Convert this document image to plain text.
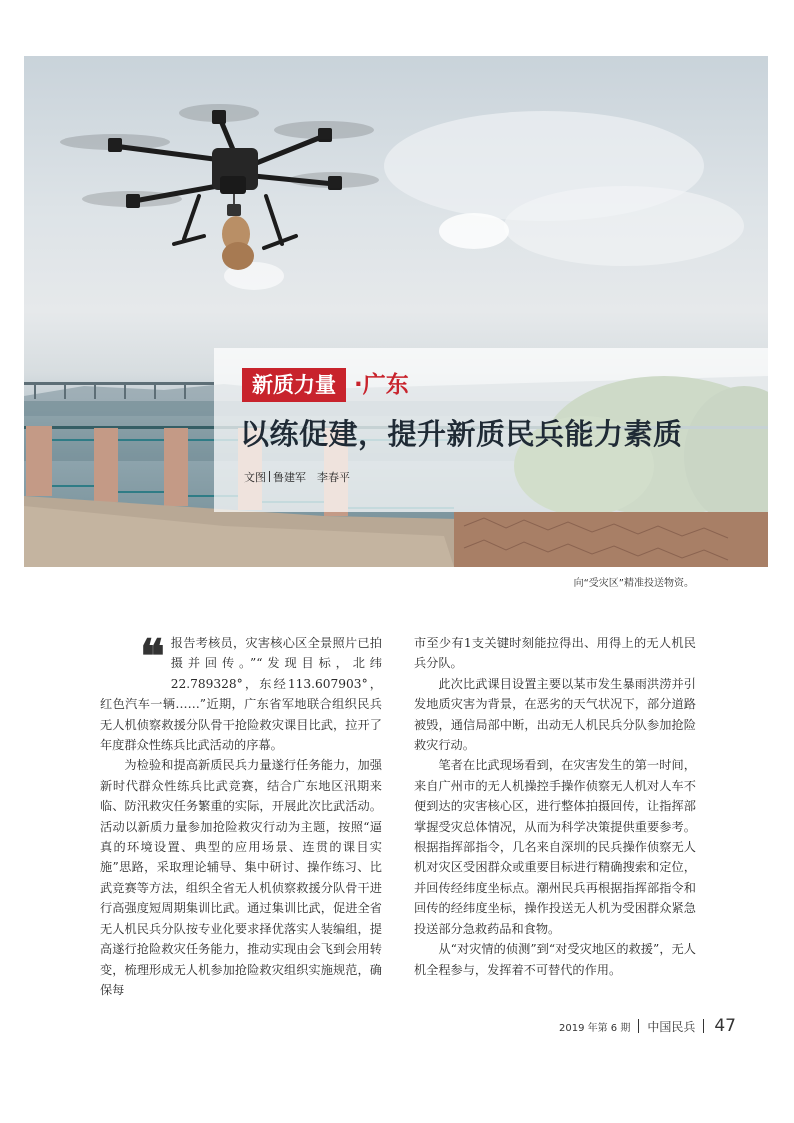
新质力量 ·广东
以练促建，提升新质民兵能力素质
文图 鲁建军　李春平
向“受灾区”精准投送物资。

❝ 报告考核员，灾害核心区全景照片已拍摄并回传。”“发现目标，北纬22.789328°，东经113.607903°，红色汽车一辆……”近期，广东省军地联合组织民兵无人机侦察救援分队骨干抢险救灾课目比武，拉开了年度群众性练兵比武活动的序幕。

为检验和提高新质民兵力量遂行任务能力，加强新时代群众性练兵比武竞赛，结合广东地区汛期来临、防汛救灾任务繁重的实际，开展此次比武活动。活动以新质力量参加抢险救灾行动为主题，按照“逼真的环境设置、典型的应用场景、连贯的课目实施”思路，采取理论辅导、集中研讨、操作练习、比武竞赛等方法，组织全省无人机侦察救援分队骨干进行高强度短周期集训比武。通过集训比武，促进全省无人机民兵分队按专业化要求择优落实人装编组，提高遂行抢险救灾任务能力，推动实现由会飞到会用转变，梳理形成无人机参加抢险救灾组织实施规范，确保每

市至少有1支关键时刻能拉得出、用得上的无人机民兵分队。

此次比武课目设置主要以某市发生暴雨洪涝并引发地质灾害为背景，在恶劣的天气状况下，部分道路被毁，通信局部中断，出动无人机民兵分队参加抢险救灾行动。

笔者在比武现场看到，在灾害发生的第一时间，来自广州市的无人机操控手操作侦察无人机对人车不便到达的灾害核心区，进行整体拍摄回传，让指挥部掌握受灾总体情况，从而为科学决策提供重要参考。根据指挥部指令，几名来自深圳的民兵操作侦察无人机对灾区受困群众或重要目标进行精确搜索和定位，并回传经纬度坐标点。潮州民兵再根据指挥部指令和回传的经纬度坐标，操作投送无人机为受困群众紧急投送部分急救药品和食物。

从“对灾情的侦测”到“对受灾地区的救援”，无人机全程参与，发挥着不可替代的作用。

2019 年第 6 期 中国民兵 47
